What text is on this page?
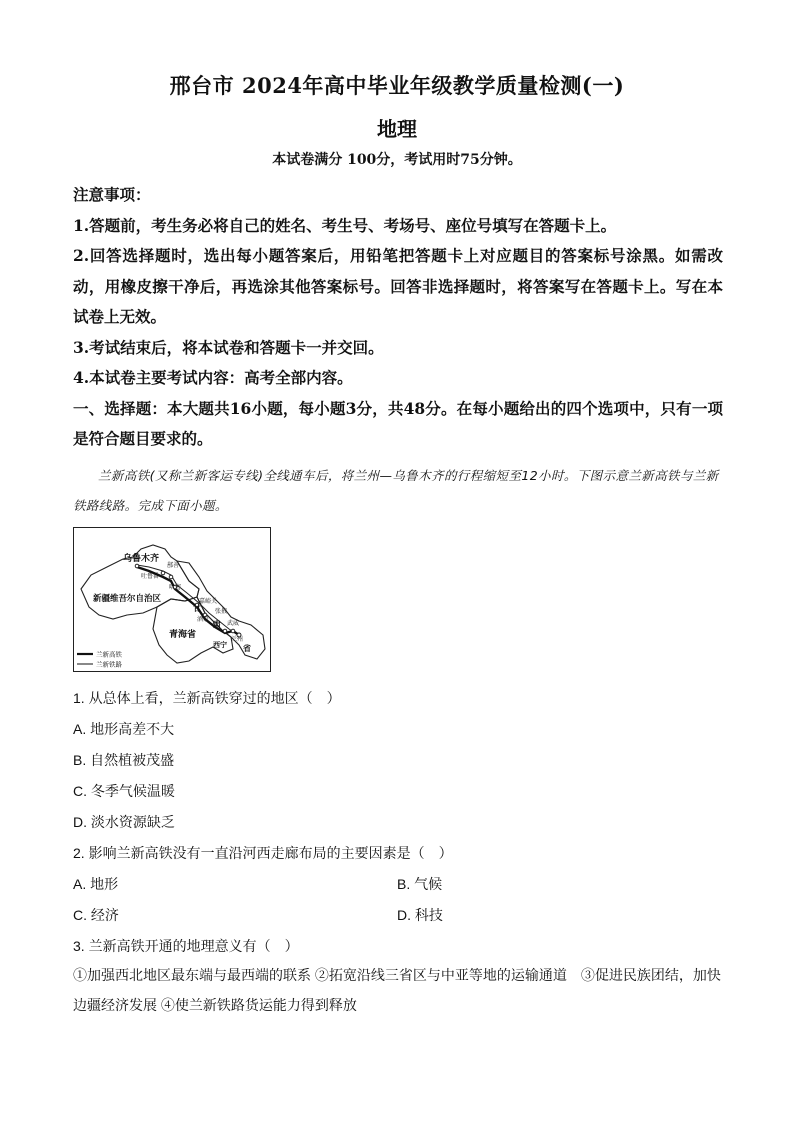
邢台市 2024年高中毕业年级教学质量检测(一)
地理
本试卷满分 100分，考试用时75分钟。

注意事项：

1.答题前，考生务必将自己的姓名、考生号、考场号、座位号填写在答题卡上。

2.回答选择题时，选出每小题答案后，用铅笔把答题卡上对应题目的答案标号涂黑。如需改动，用橡皮擦干净后，再选涂其他答案标号。回答非选择题时，将答案写在答题卡上。写在本试卷上无效。

3.考试结束后，将本试卷和答题卡一并交回。

4.本试卷主要考试内容：高考全部内容。

一、选择题：本大题共16小题，每小题3分，共48分。在每小题给出的四个选项中，只有一项是符合题目要求的。

兰新高铁(又称兰新客运专线)全线通车后，将兰州—乌鲁木齐的行程缩短至12小时。下图示意兰新高铁与兰新铁路线路。完成下面小题。

乌鲁木齐
鄯善
吐鲁番
哈密
新疆维吾尔自治区	嘉峪关
甘 张掖
酒泉
肃 武威
青海省	兰州
西宁 省
兰新高铁
兰新铁路
1. 从总体上看，兰新高铁穿过的地区（　）
A. 地形高差不大
B. 自然植被茂盛
C. 冬季气候温暖
D. 淡水资源缺乏
2. 影响兰新高铁没有一直沿河西走廊布局的主要因素是（　）
A. 地形	B. 气候
C. 经济	D. 科技
3. 兰新高铁开通的地理意义有（　）
①加强西北地区最东端与最西端的联系 ②拓宽沿线三省区与中亚等地的运输通道　③促进民族团结，加快边疆经济发展 ④使兰新铁路货运能力得到释放
